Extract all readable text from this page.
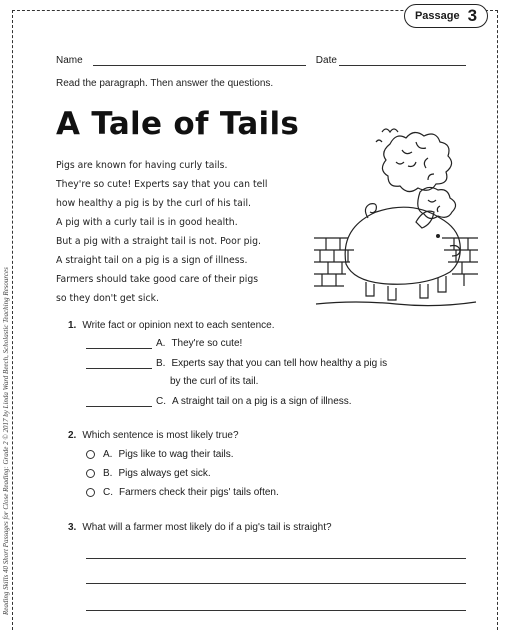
Passage 3
Reading Skills 40 Short Passages for Close Reading: Grade 2 © 2017 by Linda Ward Beech, Scholastic Teaching Resources
Name	Date
Read the paragraph. Then answer the questions.
A Tale of Tails

Pigs are known for having curly tails.

They're so cute! Experts say that you can tell

how healthy a pig is by the curl of his tail.

A pig with a curly tail is in good health.

But a pig with a straight tail is not. Poor pig.

A straight tail on a pig is a sign of illness.

Farmers should take good care of their pigs

so they don't get sick.

1. Write fact or opinion next to each sentence.
A. They're so cute!
B. Experts say that you can tell how healthy a pig is
by the curl of its tail.
C. A straight tail on a pig is a sign of illness.
2. Which sentence is most likely true?
A. Pigs like to wag their tails.
B. Pigs always get sick.
C. Farmers check their pigs' tails often.
3. What will a farmer most likely do if a pig's tail is straight?
